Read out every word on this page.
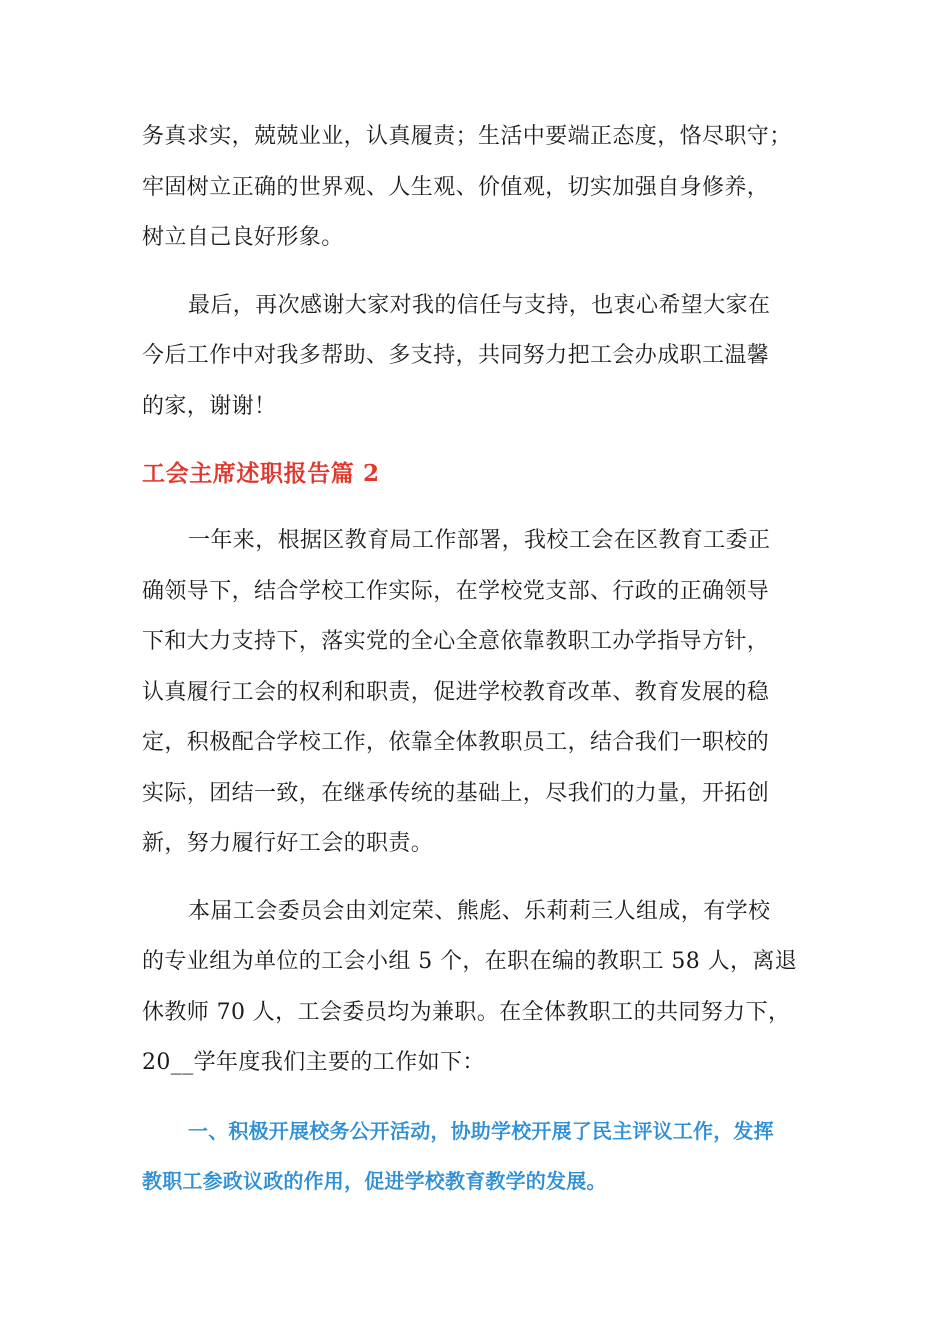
务真求实，兢兢业业，认真履责；生活中要端正态度，恪尽职守；
牢固树立正确的世界观、人生观、价值观，切实加强自身修养，
树立自己良好形象。

最后，再次感谢大家对我的信任与支持，也衷心希望大家在
今后工作中对我多帮助、多支持，共同努力把工会办成职工温馨
的家，谢谢！

工会主席述职报告篇 2

一年来，根据区教育局工作部署，我校工会在区教育工委正
确领导下，结合学校工作实际，在学校党支部、行政的正确领导
下和大力支持下，落实党的全心全意依靠教职工办学指导方针，
认真履行工会的权利和职责，促进学校教育改革、教育发展的稳
定，积极配合学校工作，依靠全体教职员工，结合我们一职校的
实际，团结一致，在继承传统的基础上，尽我们的力量，开拓创
新，努力履行好工会的职责。

本届工会委员会由刘定荣、熊彪、乐莉莉三人组成，有学校
的专业组为单位的工会小组 5 个，在职在编的教职工 58 人，离退
休教师 70 人，工会委员均为兼职。在全体教职工的共同努力下，
20__学年度我们主要的工作如下：

一、积极开展校务公开活动，协助学校开展了民主评议工作，发挥
教职工参政议政的作用，促进学校教育教学的发展。
